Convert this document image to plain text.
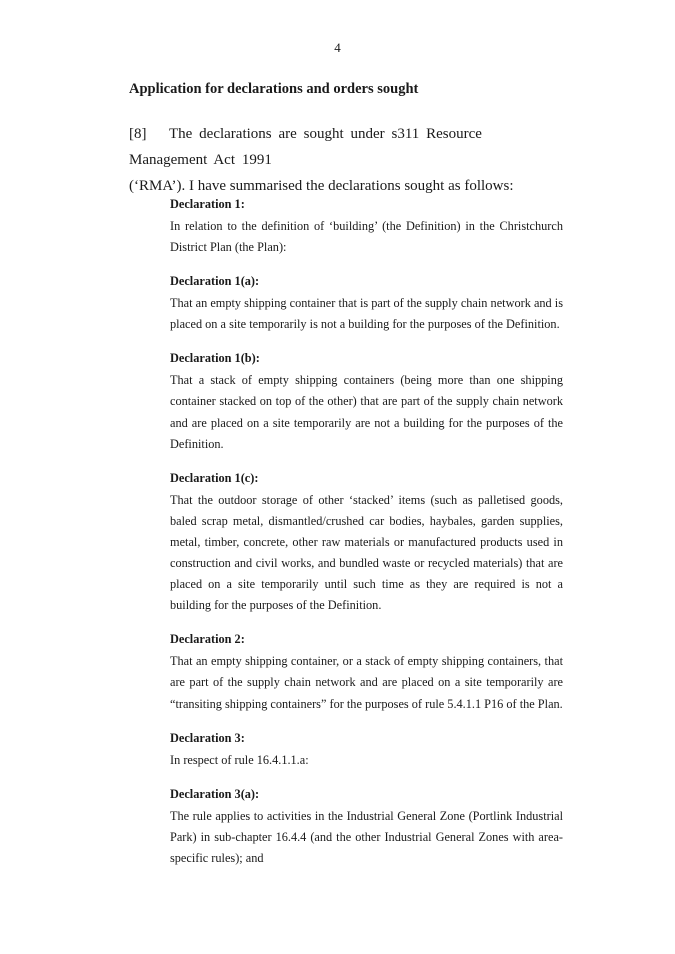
4
Application for declarations and orders sought
[8] The declarations are sought under s311 Resource Management Act 1991
(‘RMA’). I have summarised the declarations sought as follows:
Declaration 1:

In relation to the definition of ‘building’ (the Definition) in the Christchurch District Plan (the Plan):

Declaration 1(a):

That an empty shipping container that is part of the supply chain network and is placed on a site temporarily is not a building for the purposes of the Definition.

Declaration 1(b):

That a stack of empty shipping containers (being more than one shipping container stacked on top of the other) that are part of the supply chain network and are placed on a site temporarily are not a building for the purposes of the Definition.

Declaration 1(c):

That the outdoor storage of other ‘stacked’ items (such as palletised goods, baled scrap metal, dismantled/crushed car bodies, haybales, garden supplies, metal, timber, concrete, other raw materials or manufactured products used in construction and civil works, and bundled waste or recycled materials) that are placed on a site temporarily until such time as they are required is not a building for the purposes of the Definition.

Declaration 2:

That an empty shipping container, or a stack of empty shipping containers, that are part of the supply chain network and are placed on a site temporarily are “transiting shipping containers” for the purposes of rule 5.4.1.1 P16 of the Plan.

Declaration 3:

In respect of rule 16.4.1.1.a:

Declaration 3(a):

The rule applies to activities in the Industrial General Zone (Portlink Industrial Park) in sub-chapter 16.4.4 (and the other Industrial General Zones with area-specific rules); and
